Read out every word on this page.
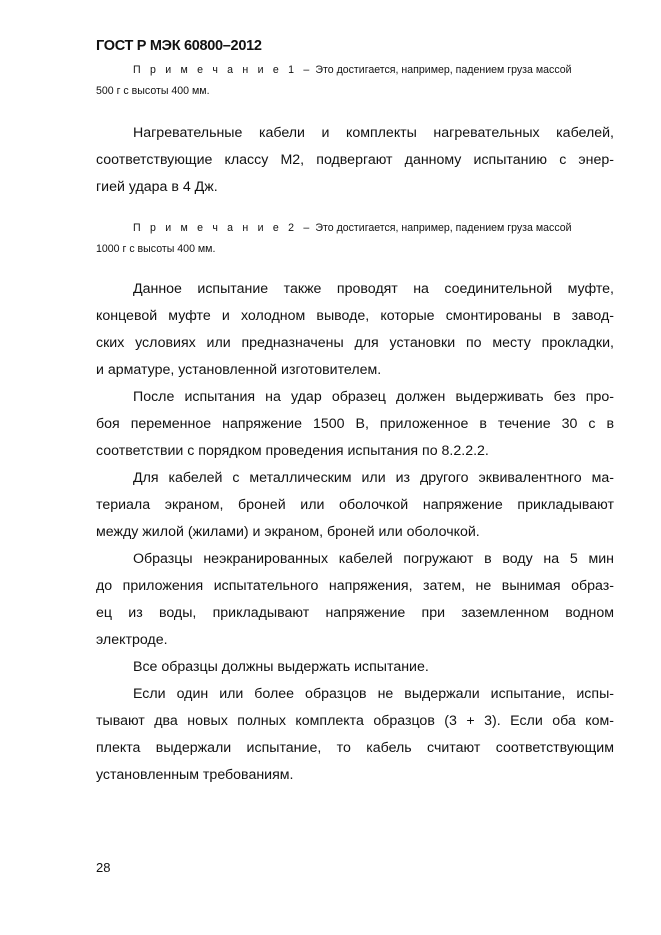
ГОСТ Р МЭК 60800–2012
П р и м е ч а н и е 1 – Это достигается, например, падением груза массой
500 г с высоты 400 мм.
Нагревательные кабели и комплекты нагревательных кабелей,
соответствующие классу М2, подвергают данному испытанию с энер-
гией удара в 4 Дж.
П р и м е ч а н и е 2 – Это достигается, например, падением груза массой
1000 г с высоты 400 мм.
Данное испытание также проводят на соединительной муфте,
концевой муфте и холодном выводе, которые смонтированы в завод-
ских условиях или предназначены для установки по месту прокладки,
и арматуре, установленной изготовителем.
После испытания на удар образец должен выдерживать без про-
боя переменное напряжение 1500 В, приложенное в течение 30 с в
соответствии с порядком проведения испытания по 8.2.2.2.
Для кабелей с металлическим или из другого эквивалентного ма-
териала экраном, броней или оболочкой напряжение прикладывают
между жилой (жилами) и экраном, броней или оболочкой.
Образцы неэкранированных кабелей погружают в воду на 5 мин
до приложения испытательного напряжения, затем, не вынимая образ-
ец из воды, прикладывают напряжение при заземленном водном
электроде.
Все образцы должны выдержать испытание.
Если один или более образцов не выдержали испытание, испы-
тывают два новых полных комплекта образцов (3 + 3). Если оба ком-
плекта выдержали испытание, то кабель считают соответствующим
установленным требованиям.
28
